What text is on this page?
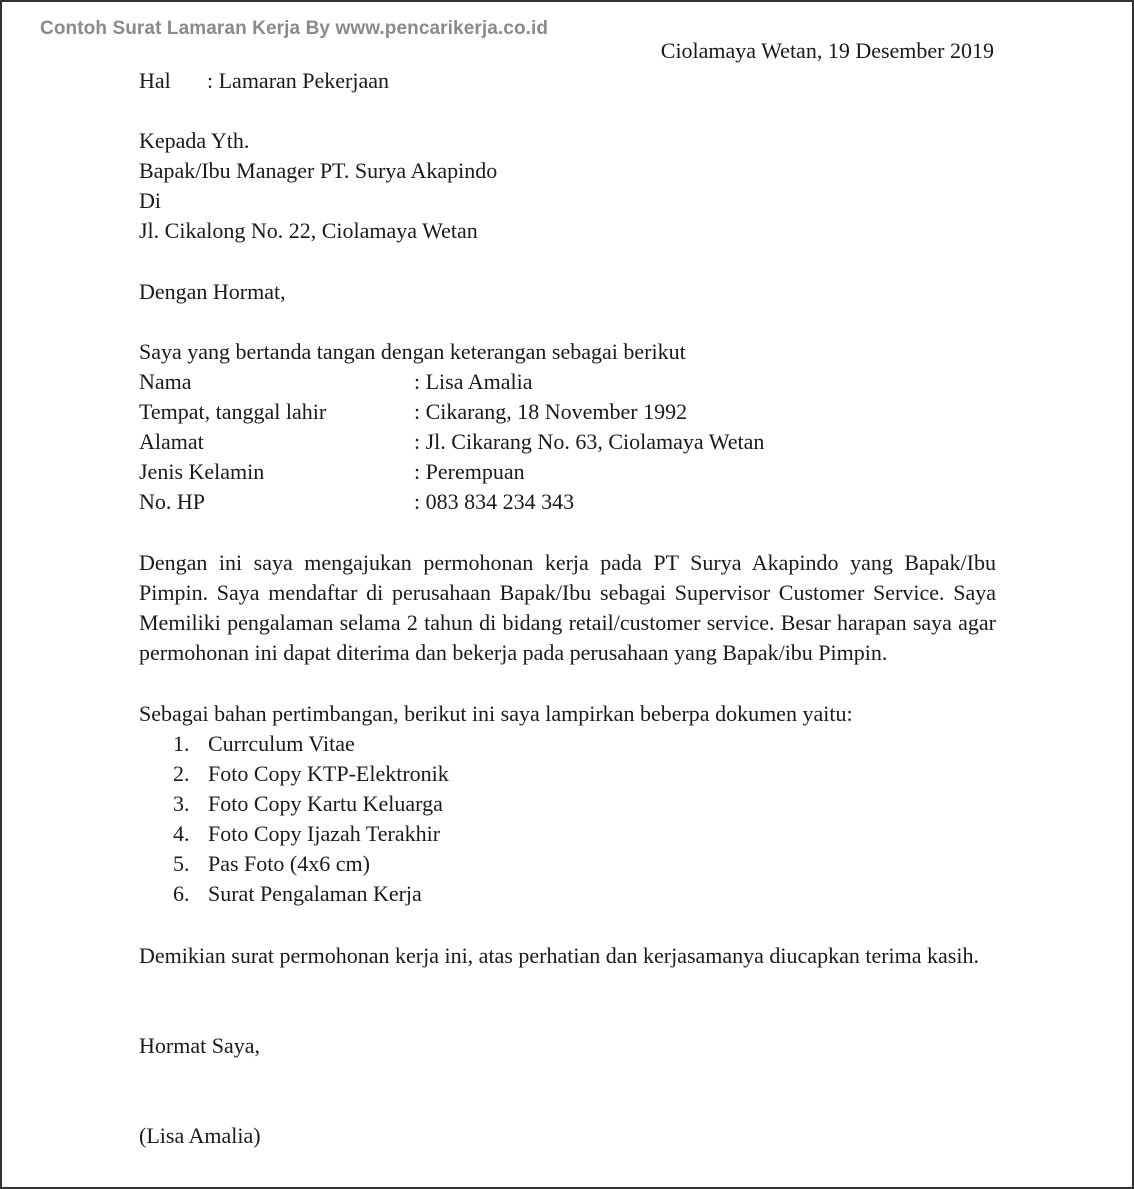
Contoh Surat Lamaran Kerja By www.pencarikerja.co.id
Ciolamaya Wetan, 19 Desember 2019
Hal : Lamaran Pekerjaan
Kepada Yth.
Bapak/Ibu Manager PT. Surya Akapindo
Di
Jl. Cikalong No. 22, Ciolamaya Wetan
Dengan Hormat,
Saya yang bertanda tangan dengan keterangan sebagai berikut
Nama	: Lisa Amalia
Tempat, tanggal lahir	: Cikarang, 18 November 1992
Alamat	: Jl. Cikarang No. 63, Ciolamaya Wetan
Jenis Kelamin	: Perempuan
No. HP	: 083 834 234 343
Dengan ini saya mengajukan permohonan kerja pada PT Surya Akapindo yang Bapak/Ibu Pimpin. Saya mendaftar di perusahaan Bapak/Ibu sebagai Supervisor Customer Service. Saya Memiliki pengalaman selama 2 tahun di bidang retail/customer service. Besar harapan saya agar permohonan ini dapat diterima dan bekerja pada perusahaan yang Bapak/ibu Pimpin.
Sebagai bahan pertimbangan, berikut ini saya lampirkan beberpa dokumen yaitu:
1. Currculum Vitae
2. Foto Copy KTP-Elektronik
3. Foto Copy Kartu Keluarga
4. Foto Copy Ijazah Terakhir
5. Pas Foto (4x6 cm)
6. Surat Pengalaman Kerja
Demikian surat permohonan kerja ini, atas perhatian dan kerjasamanya diucapkan terima kasih.
Hormat Saya,
(Lisa Amalia)
